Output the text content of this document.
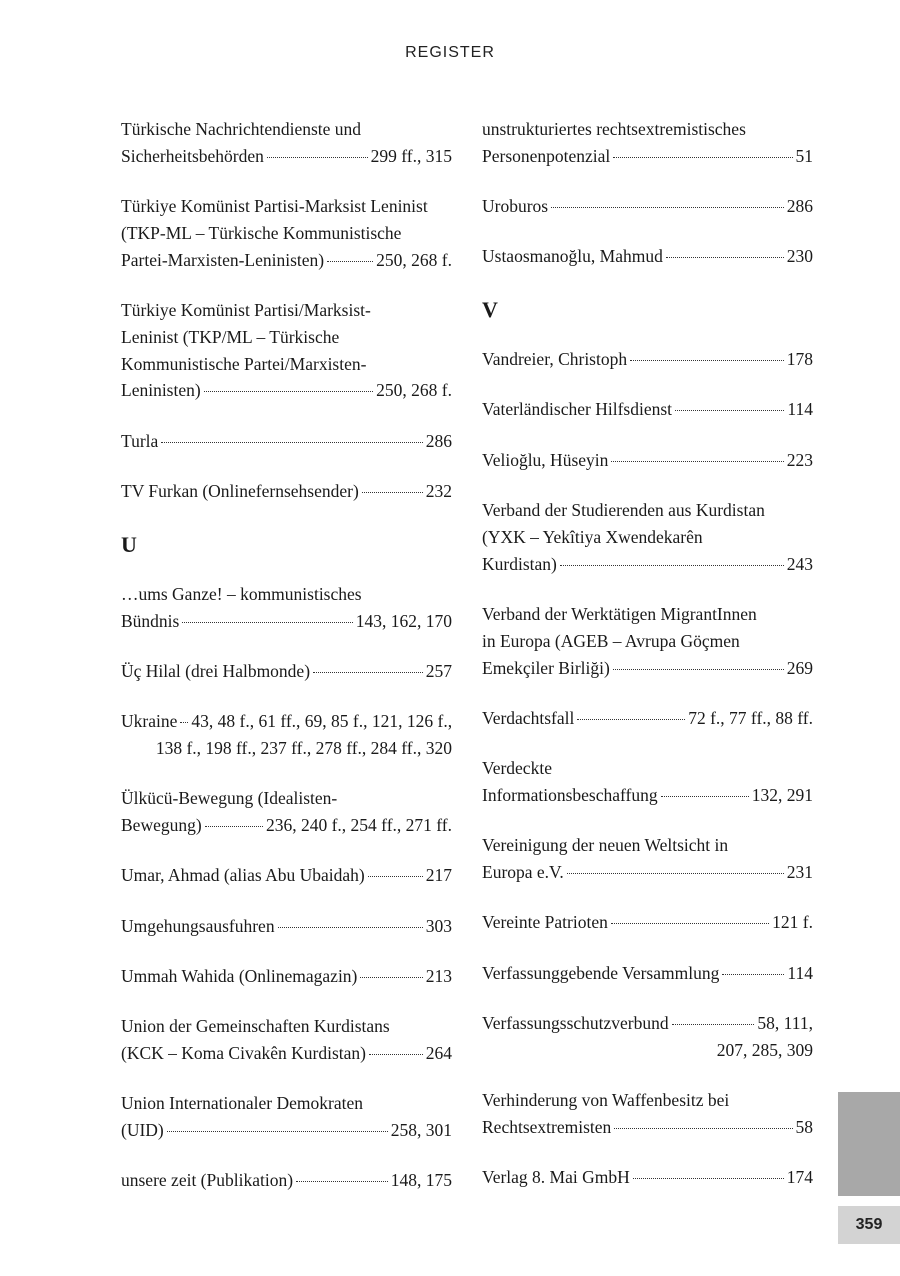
REGISTER
Türkische Nachrichtendienste und
Sicherheitsbehörden	299 ff., 315
Türkiye Komünist Partisi-Marksist Leninist
(TKP-ML – Türkische Kommunistische
Partei-Marxisten-Leninisten)	250, 268 f.
Türkiye Komünist Partisi/Marksist-
Leninist (TKP/ML – Türkische
Kommunistische Partei/Marxisten-
Leninisten)	250, 268 f.
Turla	286
TV Furkan (Onlinefernsehsender)	232
U
…ums Ganze! – kommunistisches
Bündnis	143, 162, 170
Üç Hilal (drei Halbmonde)	257
Ukraine 43, 48 f., 61 ff., 69, 85 f., 121, 126 f.,
138 f., 198 ff., 237 ff., 278 ff., 284 ff., 320
Ülkücü-Bewegung (Idealisten-
Bewegung)	236, 240 f., 254 ff., 271 ff.
Umar, Ahmad (alias Abu Ubaidah)	217
Umgehungsausfuhren	303
Ummah Wahida (Onlinemagazin)	213
Union der Gemeinschaften Kurdistans
(KCK – Koma Civakên Kurdistan)	264
Union Internationaler Demokraten
(UID)	258, 301
unsere zeit (Publikation)	148, 175
unstrukturiertes rechtsextremistisches
Personenpotenzial	51
Uroburos	286
Ustaosmanoğlu, Mahmud	230
V
Vandreier, Christoph	178
Vaterländischer Hilfsdienst	114
Velioğlu, Hüseyin	223
Verband der Studierenden aus Kurdistan
(YXK – Yekîtiya Xwendekarên
Kurdistan)	243
Verband der Werktätigen MigrantInnen
in Europa (AGEB – Avrupa Göçmen
Emekçiler Birliği)	269
Verdachtsfall	72 f., 77 ff., 88 ff.
Verdeckte
Informationsbeschaffung	132, 291
Vereinigung der neuen Weltsicht in
Europa e.V.	231
Vereinte Patrioten	121 f.
Verfassunggebende Versammlung	114
Verfassungsschutzverbund	58, 111,
207, 285, 309
Verhinderung von Waffenbesitz bei
Rechtsextremisten	58
Verlag 8. Mai GmbH	174
359
